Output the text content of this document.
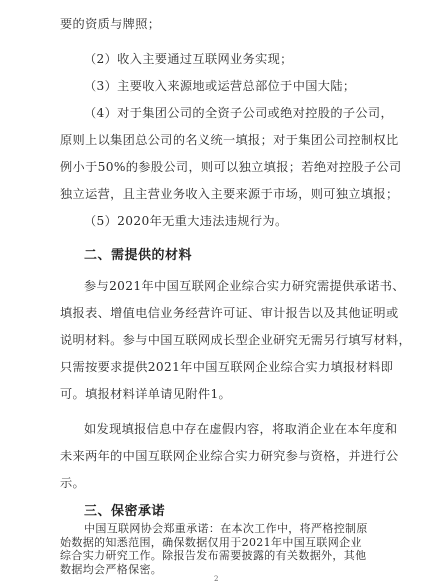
要的资质与牌照；
（2）收入主要通过互联网业务实现；
（3）主要收入来源地或运营总部位于中国大陆；
（4）对于集团公司的全资子公司或绝对控股的子公司，
原则上以集团总公司的名义统一填报；对于集团公司控制权比
例小于50%的参股公司，则可以独立填报；若绝对控股子公司
独立运营，且主营业务收入主要来源于市场，则可独立填报；
（5）2020年无重大违法违规行为。
二、需提供的材料
参与2021年中国互联网企业综合实力研究需提供承诺书、
填报表、增值电信业务经营许可证、审计报告以及其他证明或
说明材料。参与中国互联网成长型企业研究无需另行填写材料，
只需按要求提供2021年中国互联网企业综合实力填报材料即
可。填报材料详单请见附件1。
如发现填报信息中存在虚假内容，将取消企业在本年度和
未来两年的中国互联网企业综合实力研究参与资格，并进行公
示。
三、保密承诺
2
中国互联网协会郑重承诺：在本次工作中，将严格控制原
始数据的知悉范围，确保数据仅用于2021年中国互联网企业
综合实力研究工作。除报告发布需要披露的有关数据外，其他
数据均会严格保密。
